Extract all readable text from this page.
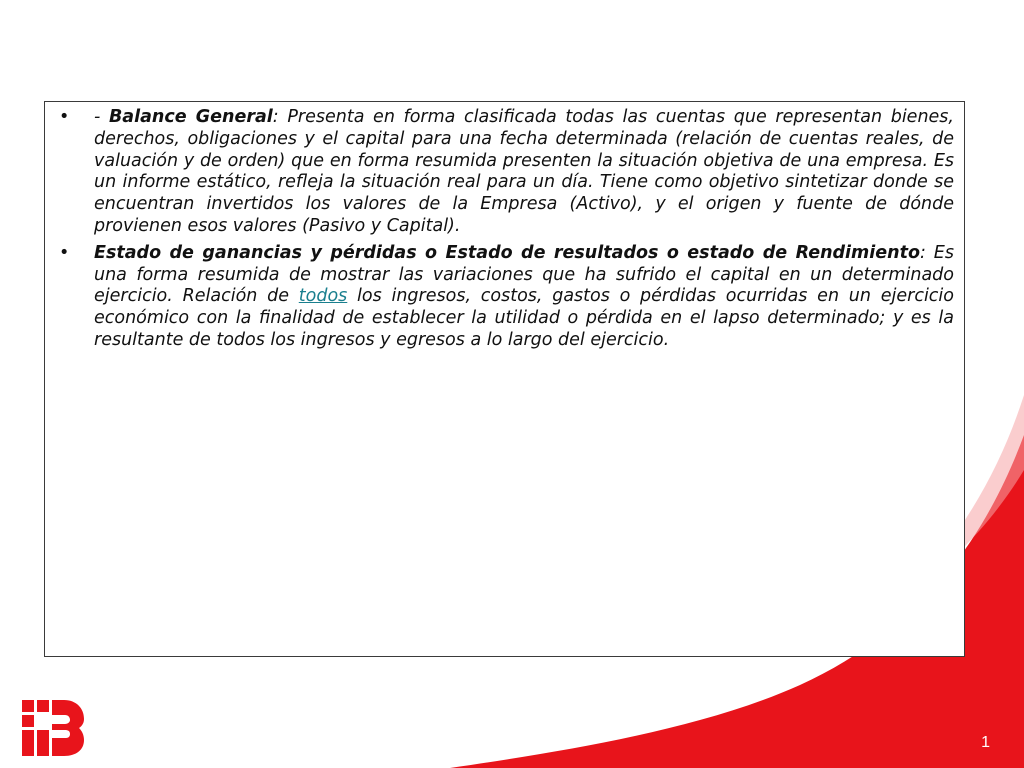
• - Balance General: Presenta en forma clasificada todas las cuentas que representan bienes, derechos, obligaciones y el capital para una fecha determinada (relación de cuentas reales, de valuación y de orden) que en forma resumida presenten la situación objetiva de una empresa. Es un informe estático, refleja la situación real para un día. Tiene como objetivo sintetizar donde se encuentran invertidos los valores de la Empresa (Activo), y el origen y fuente de dónde provienen esos valores (Pasivo y Capital).
• Estado de ganancias y pérdidas o Estado de resultados o estado de Rendimiento: Es una forma resumida de mostrar las variaciones que ha sufrido el capital en un determinado ejercicio. Relación de todos los ingresos, costos, gastos o pérdidas ocurridas en un ejercicio económico con la finalidad de establecer la utilidad o pérdida en el lapso determinado; y es la resultante de todos los ingresos y egresos a lo largo del ejercicio.
1
